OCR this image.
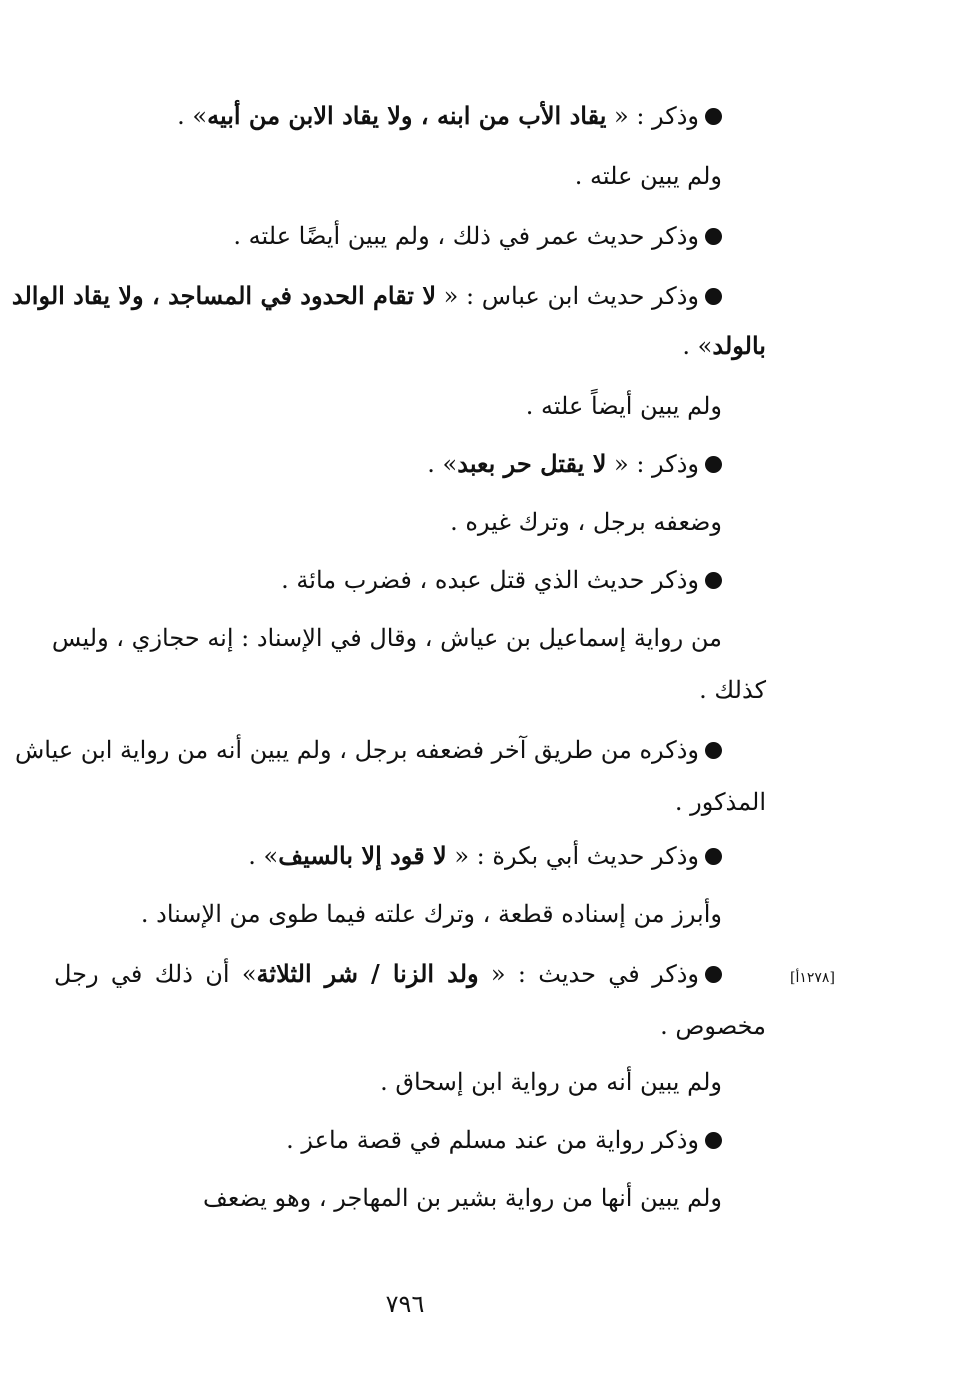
وذكر : « يقاد الأب من ابنه ، ولا يقاد الابن من أبيه» .
ولم يبين علته .
وذكر حديث عمر في ذلك ، ولم يبين أيضًا علته .
وذكر حديث ابن عباس : « لا تقام الحدود في المساجد ، ولا يقاد الوالد
بالولد» .
ولم يبين أيضاً علته .
وذكر : « لا يقتل حر بعبد» .
وضعفه برجل ، وترك غيره .
وذكر حديث الذي قتل عبده ، فضرب مائة .
من رواية إسماعيل بن عياش ، وقال في الإسناد : إنه حجازي ، وليس
كذلك .
وذكره من طريق آخر فضعفه برجل ، ولم يبين أنه من رواية ابن عياش
المذكور .
وذكر حديث أبي بكرة : « لا قود إلا بالسيف» .
وأبرز من إسناده قطعة ، وترك علته فيما طوى من الإسناد .
وذكر في حديث : « ولد الزنا / شر الثلاثة» أن ذلك في رجل	[١٢٧٨أ]
مخصوص .
ولم يبين أنه من رواية ابن إسحاق .
وذكر رواية من عند مسلم في قصة ماعز .
ولم يبين أنها من رواية بشير بن المهاجر ، وهو يضعف
٧٩٦
